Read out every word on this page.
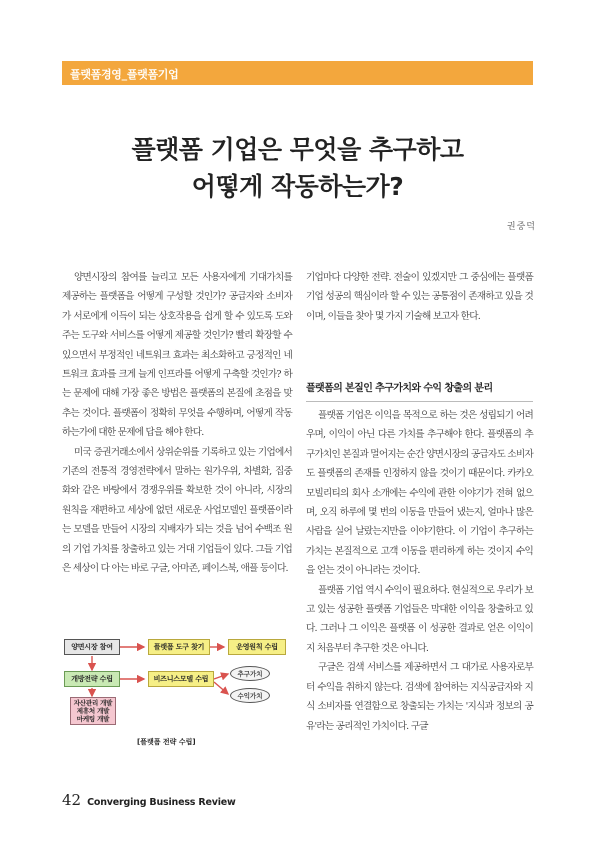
플랫폼경영_플랫폼기업
플랫폼 기업은 무엇을 추구하고
어떻게 작동하는가?
권중덕

양면시장의 참여를 늘리고 모든 사용자에게 기대가치를 제공하는 플랫폼을 어떻게 구성할 것인가? 공급자와 소비자가 서로에게 이득이 되는 상호작용을 쉽게 할 수 있도록 도와주는 도구와 서비스를 어떻게 제공할 것인가? 빨리 확장할 수 있으면서 부정적인 네트워크 효과는 최소화하고 긍정적인 네트워크 효과를 크게 늘게 인프라를 어떻게 구축할 것인가? 하는 문제에 대해 가장 좋은 방법은 플랫폼의 본질에 초점을 맞추는 것이다. 플랫폼이 정확히 무엇을 수행하며, 어떻게 작동하는가에 대한 문제에 답을 해야 한다.

미국 증권거래소에서 상위순위를 기록하고 있는 기업에서 기존의 전통적 경영전략에서 말하는 원가우위, 차별화, 집중화와 같은 바탕에서 경쟁우위를 확보한 것이 아니라, 시장의 원칙을 재편하고 세상에 없던 새로운 사업모델인 플랫폼이라는 모델을 만들어 시장의 지배자가 되는 것을 넘어 수백조 원의 기업 가치를 창출하고 있는 거대 기업들이 있다. 그들 기업은 세상이 다 아는 바로 구글, 아마존, 페이스북, 애플 등이다.

기업마다 다양한 전략. 전술이 있겠지만 그 중심에는 플랫폼 기업 성공의 핵심이라 할 수 있는 공통점이 존재하고 있을 것이며, 이들을 찾아 몇 가지 기술해 보고자 한다.

플랫폼의 본질인 추구가치와 수익 창출의 분리

플랫폼 기업은 이익을 목적으로 하는 것은 성립되기 어려우며, 이익이 아닌 다른 가치를 추구해야 한다. 플랫폼의 추구가치인 본질과 멀어지는 순간 양면시장의 공급자도 소비자도 플랫폼의 존재를 인정하지 않을 것이기 때문이다. 카카오 모빌리티의 회사 소개에는 수익에 관한 이야기가 전혀 없으며, 오직 하루에 몇 번의 이동을 만들어 냈는지, 얼마나 많은 사람을 실어 날랐는지만을 이야기한다. 이 기업이 추구하는 가치는 본질적으로 고객 이동을 편리하게 하는 것이지 수익을 얻는 것이 아니라는 것이다.

플랫폼 기업 역시 수익이 필요하다. 현실적으로 우리가 보고 있는 성공한 플랫폼 기업들은 막대한 이익을 창출하고 있다. 그러나 그 이익은 플랫폼 이 성공한 결과로 얻은 이익이지 처음부터 추구한 것은 아니다.

구글은 검색 서비스를 제공하면서 그 대가로 사용자로부터 수익을 취하지 않는다. 검색에 참여하는 지식공급자와 지식 소비자를 연결함으로 창출되는 가치는 '지식과 정보의 공유'라는 공리적인 가치이다. 구글

양면시장 참여	플랫폼 도구 찾기	운영원칙 수립
개방전략 수립	비즈니스모델 수립
자산관리 개발
제휴처 개발
마케팅 개발
추구가치
수익가치
[플랫폼 전략 수립]
42 Converging Business Review
